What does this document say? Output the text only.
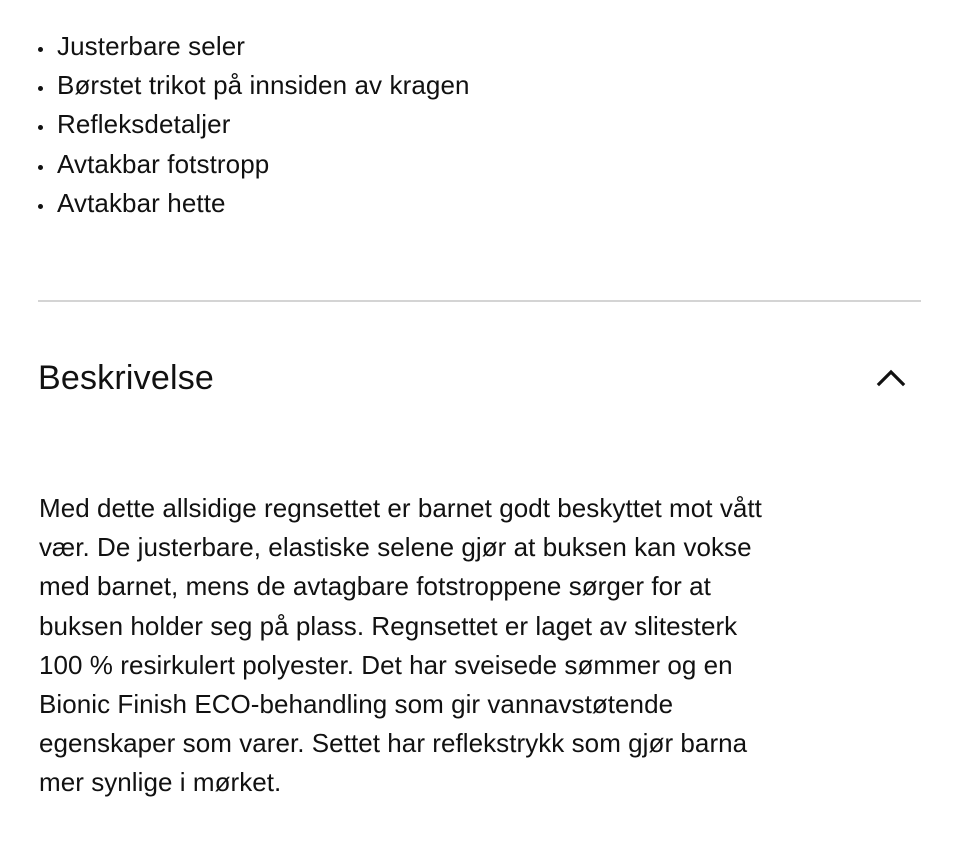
Justerbare seler
Børstet trikot på innsiden av kragen
Refleksdetaljer
Avtakbar fotstropp
Avtakbar hette
Beskrivelse

Med dette allsidige regnsettet er barnet godt beskyttet mot vått
vær. De justerbare, elastiske selene gjør at buksen kan vokse
med barnet, mens de avtagbare fotstroppene sørger for at
buksen holder seg på plass. Regnsettet er laget av slitesterk
100 % resirkulert polyester. Det har sveisede sømmer og en
Bionic Finish ECO-behandling som gir vannavstøtende
egenskaper som varer. Settet har reflekstrykk som gjør barna
mer synlige i mørket.
